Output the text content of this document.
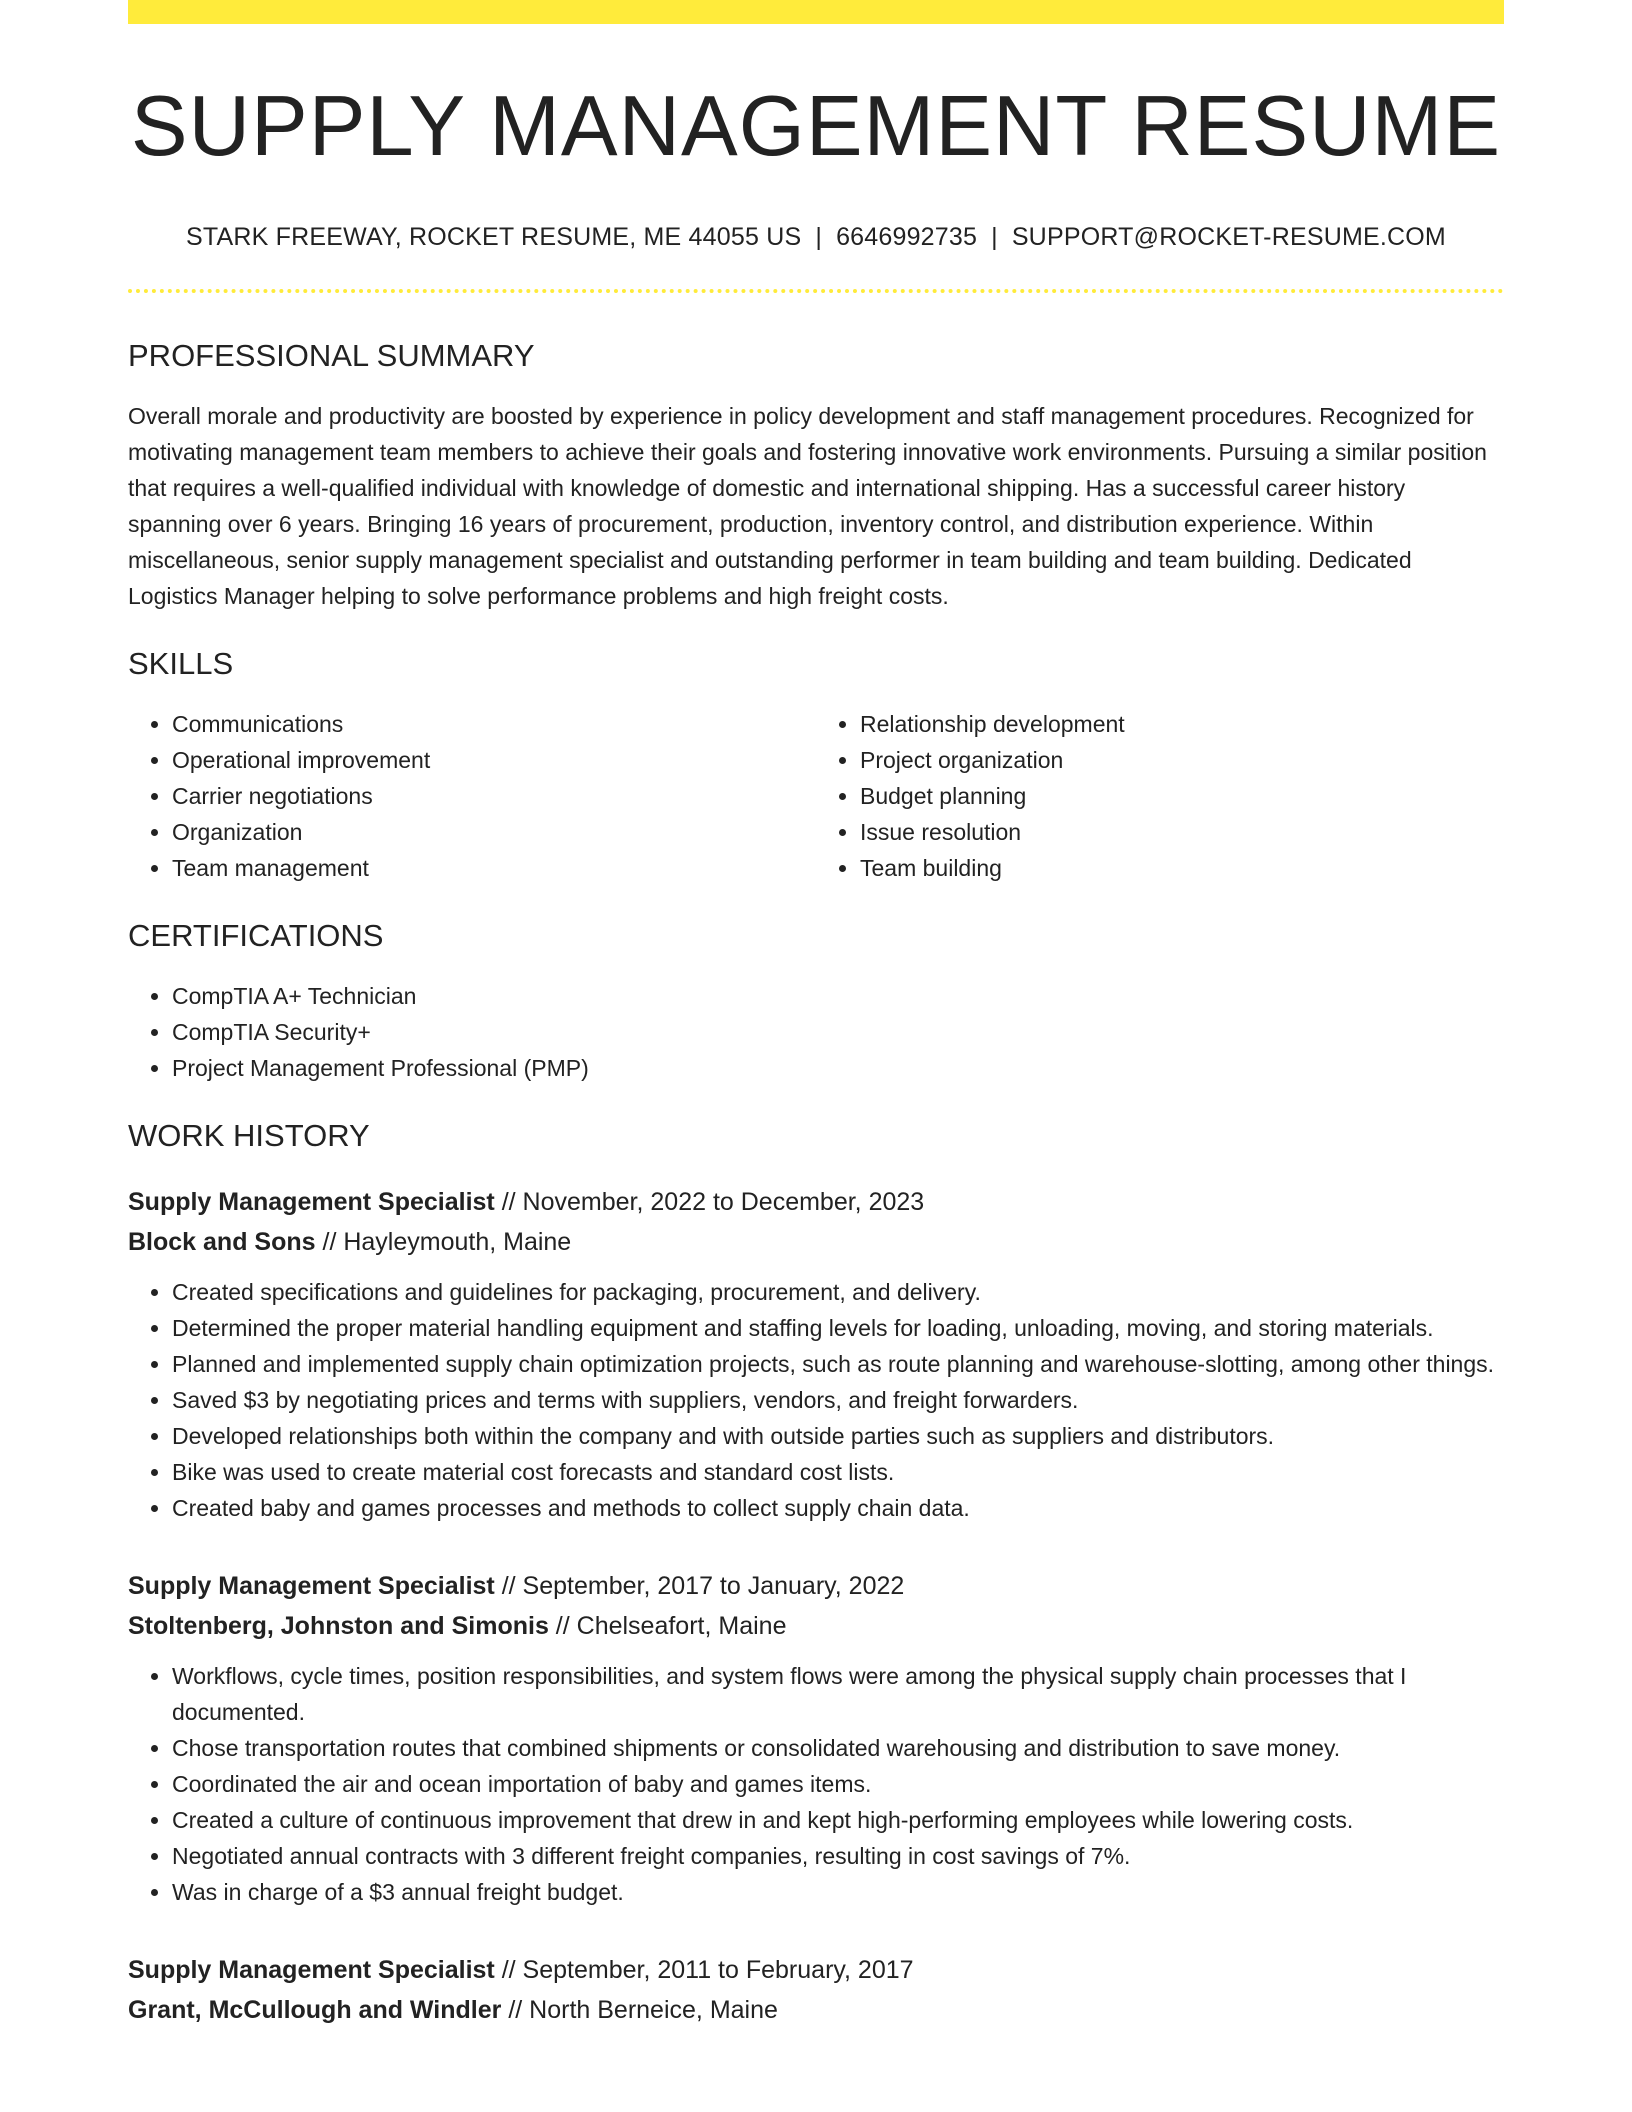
SUPPLY MANAGEMENT RESUME
STARK FREEWAY, ROCKET RESUME, ME 44055 US | 6646992735 | SUPPORT@ROCKET-RESUME.COM
PROFESSIONAL SUMMARY
Overall morale and productivity are boosted by experience in policy development and staff management procedures. Recognized for motivating management team members to achieve their goals and fostering innovative work environments. Pursuing a similar position that requires a well-qualified individual with knowledge of domestic and international shipping. Has a successful career history spanning over 6 years. Bringing 16 years of procurement, production, inventory control, and distribution experience. Within miscellaneous, senior supply management specialist and outstanding performer in team building and team building. Dedicated Logistics Manager helping to solve performance problems and high freight costs.
SKILLS
• Communications
• Operational improvement
• Carrier negotiations
• Organization
• Team management
• Relationship development
• Project organization
• Budget planning
• Issue resolution
• Team building
CERTIFICATIONS
• CompTIA A+ Technician
• CompTIA Security+
• Project Management Professional (PMP)
WORK HISTORY
Supply Management Specialist // November, 2022 to December, 2023
Block and Sons // Hayleymouth, Maine
• Created specifications and guidelines for packaging, procurement, and delivery.
• Determined the proper material handling equipment and staffing levels for loading, unloading, moving, and storing materials.
• Planned and implemented supply chain optimization projects, such as route planning and warehouse-slotting, among other things.
• Saved $3 by negotiating prices and terms with suppliers, vendors, and freight forwarders.
• Developed relationships both within the company and with outside parties such as suppliers and distributors.
• Bike was used to create material cost forecasts and standard cost lists.
• Created baby and games processes and methods to collect supply chain data.
Supply Management Specialist // September, 2017 to January, 2022
Stoltenberg, Johnston and Simonis // Chelseafort, Maine
• Workflows, cycle times, position responsibilities, and system flows were among the physical supply chain processes that I documented.
• Chose transportation routes that combined shipments or consolidated warehousing and distribution to save money.
• Coordinated the air and ocean importation of baby and games items.
• Created a culture of continuous improvement that drew in and kept high-performing employees while lowering costs.
• Negotiated annual contracts with 3 different freight companies, resulting in cost savings of 7%.
• Was in charge of a $3 annual freight budget.
Supply Management Specialist // September, 2011 to February, 2017
Grant, McCullough and Windler // North Berneice, Maine
